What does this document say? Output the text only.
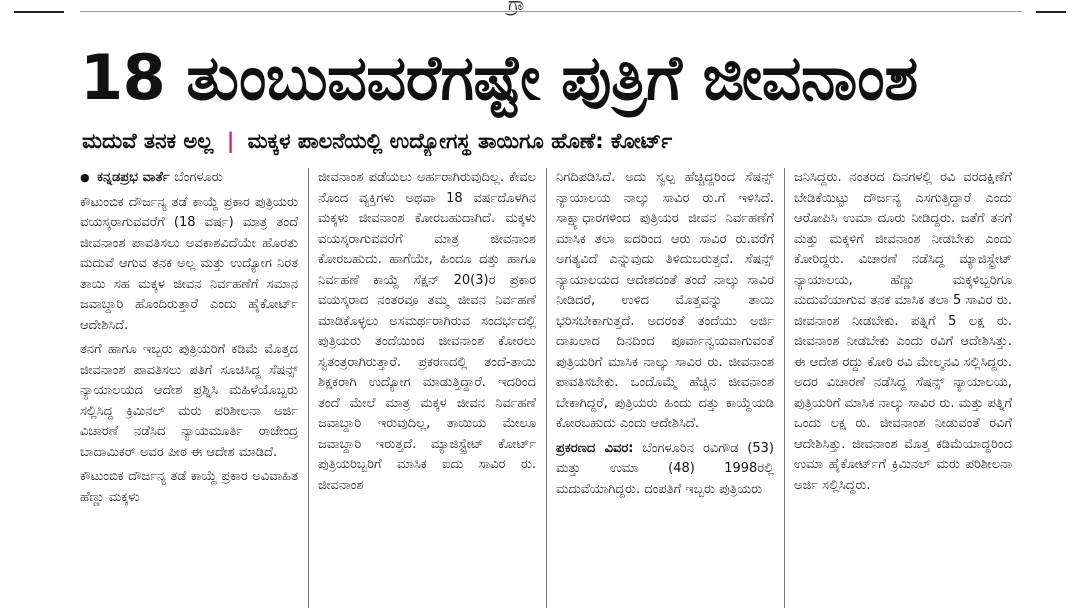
ಗ್ರಾ
18 ತುಂಬುವವರೆಗಷ್ಟೇ ಪುತ್ರಿಗೆ ಜೀವನಾಂಶ
ಮದುವೆ ತನಕ ಅಲ್ಲ | ಮಕ್ಕಳ ಪಾಲನೆಯಲ್ಲಿ ಉದ್ಯೋಗಸ್ಥ ತಾಯಿಗೂ ಹೊಣೆ: ಕೋರ್ಟ್

● ಕನ್ನಡಪ್ರಭ ವಾರ್ತೆ ಬೆಂಗಳೂರು

ಕೌಟುಂಬಿಕ ದೌರ್ಜನ್ಯ ತಡೆ ಕಾಯ್ದೆ ಪ್ರಕಾರ ಪುತ್ರಿಯರು ವಯಸ್ಕರಾಗುವವರೆಗೆ (18 ವರ್ಷ) ಮಾತ್ರ ತಂದೆ ಜೀವನಾಂಶ ಪಾವತಿಸಲು ಅವಕಾಶವಿದೆಯೇ ಹೊರತು ಮದುವೆ ಆಗುವ ತನಕ ಅಲ್ಲ ಮತ್ತು ಉದ್ಯೋಗ ನಿರತ ತಾಯಿ ಸಹ ಮಕ್ಕಳ ಜೀವನ ನಿರ್ವಹಣೆಗೆ ಸಮಾನ ಜವಾಬ್ದಾರಿ ಹೊಂದಿರುತ್ತಾರೆ ಎಂದು ಹೈಕೋರ್ಟ್ ಆದೇಶಿಸಿದೆ.

ತನಗೆ ಹಾಗೂ ಇಬ್ಬರು ಪುತ್ರಿಯರಿಗೆ ಕಡಿಮೆ ಮೊತ್ತದ ಜೀವನಾಂಶ ಪಾವತಿಸಲು ಪತಿಗೆ ಸೂಚಿಸಿದ್ದ ಸೆಷನ್ಸ್ ನ್ಯಾಯಾಲಯದ ಆದೇಶ ಪ್ರಶ್ನಿಸಿ ಮಹಿಳೆಯೊಬ್ಬರು ಸಲ್ಲಿಸಿದ್ದ ಕ್ರಿಮಿನಲ್ ಮರು ಪರಿಶೀಲನಾ ಅರ್ಜಿ ವಿಚಾರಣೆ ನಡೆಸಿದ ನ್ಯಾಯಮೂರ್ತಿ ರಾಜೇಂದ್ರ ಬಾದಾಮಿಕರ್ ಅವರ ಪೀಠ ಈ ಆದೇಶ ಮಾಡಿದೆ.

ಕೌಟುಂಬಿಕ ದೌರ್ಜನ್ಯ ತಡೆ ಕಾಯ್ದೆ ಪ್ರಕಾರ ಅವಿವಾಹಿತ ಹೆಣ್ಣು ಮಕ್ಕಳು

ಜೀವನಾಂಶ ಪಡೆಯಲು ಅರ್ಹರಾಗಿರುವುದಿಲ್ಲ. ಕೇವಲ ನೊಂದ ವ್ಯಕ್ತಿಗಳು ಅಥವಾ 18 ವರ್ಷದೊಳಗಿನ ಮಕ್ಕಳು ಜೀವನಾಂಶ ಕೋರಬಹುದಾಗಿದೆ. ಮಕ್ಕಳು ವಯಸ್ಕರಾಗುವವರೆಗೆ ಮಾತ್ರ ಜೀವನಾಂಶ ಕೋರಬಹುದು. ಹಾಗೆಯೇ, ಹಿಂದೂ ದತ್ತು ಹಾಗೂ ನಿರ್ವಹಣೆ ಕಾಯ್ದೆ ಸೆಕ್ಷನ್ 20(3)ರ ಪ್ರಕಾರ ವಯಸ್ಕರಾದ ನಂತರವೂ ತಮ್ಮ ಜೀವನ ನಿರ್ವಹಣೆ ಮಾಡಿಕೊಳ್ಳಲು ಅಸಮರ್ಥರಾಗಿರುವ ಸಂದರ್ಭದಲ್ಲಿ ಪುತ್ರಿಯರು ತಂದೆಯಿಂದ ಜೀವನಾಂಶ ಕೋರಲು ಸ್ವತಂತ್ರರಾಗಿರುತ್ತಾರೆ. ಪ್ರಕರಣದಲ್ಲಿ ತಂದೆ-ತಾಯಿ ಶಿಕ್ಷಕರಾಗಿ ಉದ್ಯೋಗ ಮಾಡುತ್ತಿದ್ದಾರೆ. ಇದರಿಂದ ತಂದೆ ಮೇಲೆ ಮಾತ್ರ ಮಕ್ಕಳ ಜೀವನ ನಿರ್ವಹಣೆ ಜವಾಬ್ದಾರಿ ಇರುವುದಿಲ್ಲ, ತಾಯಿಯ ಮೇಲೂ ಜವಾಬ್ದಾರಿ ಇರುತ್ತದೆ. ಮ್ಯಾಜಿಸ್ಟ್ರೇಟ್ ಕೋರ್ಟ್ ಪುತ್ರಿಯರಿಬ್ಬರಿಗೆ ಮಾಸಿಕ ಐದು ಸಾವಿರ ರು. ಜೀವನಾಂಶ

ನಿಗದಿಪಡಿಸಿದೆ. ಅದು ಸ್ವಲ್ಪ ಹೆಚ್ಚಿದ್ದರಿಂದ ಸೆಷನ್ಸ್ ನ್ಯಾಯಾಲಯ ನಾಲ್ಕು ಸಾವಿರ ರು.ಗೆ ಇಳಿಸಿದೆ. ಸಾಕ್ಷ್ಯಾಧಾರಗಳಿಂದ ಪುತ್ರಿಯರ ಜೀವನ ನಿರ್ವಹಣೆಗೆ ಮಾಸಿಕ ತಲಾ ಐದರಿಂದ ಆರು ಸಾವಿರ ರು.ವರೆಗೆ ಅಗತ್ಯವಿದೆ ಎನ್ನುವುದು ತಿಳಿದುಬರುತ್ತದೆ. ಸೆಷನ್ಸ್ ನ್ಯಾಯಾಲಯದ ಆದೇಶದಂತೆ ತಂದೆ ನಾಲ್ಕು ಸಾವಿರ ನೀಡಿದರೆ, ಉಳಿದ ಮೊತ್ತವನ್ನು ತಾಯಿ ಭರಿಸಬೇಕಾಗುತ್ತದೆ. ಅದರಂತೆ ತಂದೆಯು ಅರ್ಜಿ ದಾಖಲಾದ ದಿನದಿಂದ ಪೂರ್ವಾನ್ವಯವಾಗುವಂತೆ ಪುತ್ರಿಯರಿಗೆ ಮಾಸಿಕ ನಾಲ್ಕು ಸಾವಿರ ರು. ಜೀವನಾಂಶ ಪಾವತಿಸಬೇಕು. ಒಂದೊಮ್ಮೆ ಹೆಚ್ಚಿನ ಜೀವನಾಂಶ ಬೇಕಾಗಿದ್ದರೆ, ಪುತ್ರಿಯರು ಹಿಂದು ದತ್ತು ಕಾಯ್ದೆಯಡಿ ಕೋರಬಹುದು ಎಂದು ಆದೇಶಿಸಿದೆ.

ಪ್ರಕರಣದ ವಿವರ: ಬೆಂಗಳೂರಿನ ರವಿಗೌಡ (53) ಮತ್ತು ಉಮಾ (48) 1998ರಲ್ಲಿ ಮದುವೆಯಾಗಿದ್ದರು. ದಂಪತಿಗೆ ಇಬ್ಬರು ಪುತ್ರಿಯರು

ಜನಿಸಿದ್ದರು. ನಂತರದ ದಿನಗಳಲ್ಲಿ ರವಿ ವರದಕ್ಷಿಣೆಗೆ ಬೇಡಿಕೆಯಿಟ್ಟು ದೌರ್ಜನ್ಯ ಎಸಗುತ್ತಿದ್ದಾರೆ ಎಂದು ಆರೋಪಿಸಿ ಉಮಾ ದೂರು ನೀಡಿದ್ದರು. ಜತೆಗೆ ತನಗೆ ಮತ್ತು ಮಕ್ಕಳಿಗೆ ಜೀವನಾಂಶ ನೀಡಬೇಕು ಎಂದು ಕೋರಿದ್ದರು. ವಿಚಾರಣೆ ನಡೆಸಿದ್ದ ಮ್ಯಾಜಿಸ್ಟ್ರೇಟ್ ನ್ಯಾಯಾಲಯ, ಹೆಣ್ಣು ಮಕ್ಕಳಿಬ್ಬರಿಗೂ ಮದುವೆಯಾಗುವ ತನಕ ಮಾಸಿಕ ತಲಾ 5 ಸಾವಿರ ರು. ಜೀವನಾಂಶ ನೀಡಬೇಕು. ಪತ್ನಿಗೆ 5 ಲಕ್ಷ ರು. ಜೀವನಾಂಶ ನೀಡಬೇಕು ಎಂದು ರವಿಗೆ ಆದೇಶಿಸಿತ್ತು. ಈ ಆದೇಶ ರದ್ದು ಕೋರಿ ರವಿ ಮೇಲ್ಮನವಿ ಸಲ್ಲಿಸಿದ್ದರು. ಅದರ ವಿಚಾರಣೆ ನಡೆಸಿದ್ದ ಸೆಷನ್ಸ್ ನ್ಯಾಯಾಲಯ, ಪುತ್ರಿಯರಿಗೆ ಮಾಸಿಕ ನಾಲ್ಕು ಸಾವಿರ ರು. ಮತ್ತು ಪತ್ನಿಗೆ ಒಂದು ಲಕ್ಷ ರು. ಜೀವನಾಂಶ ನೀಡುವಂತೆ ರವಿಗೆ ಆದೇಶಿಸಿತ್ತು. ಜೀವನಾಂಶ ಮೊತ್ತ ಕಡಿಮೆಯಾದ್ದರಿಂದ ಉಮಾ ಹೈಕೋರ್ಟ್‌ಗೆ ಕ್ರಿಮಿನಲ್ ಮರು ಪರಿಶೀಲನಾ ಅರ್ಜಿ ಸಲ್ಲಿಸಿದ್ದರು.
